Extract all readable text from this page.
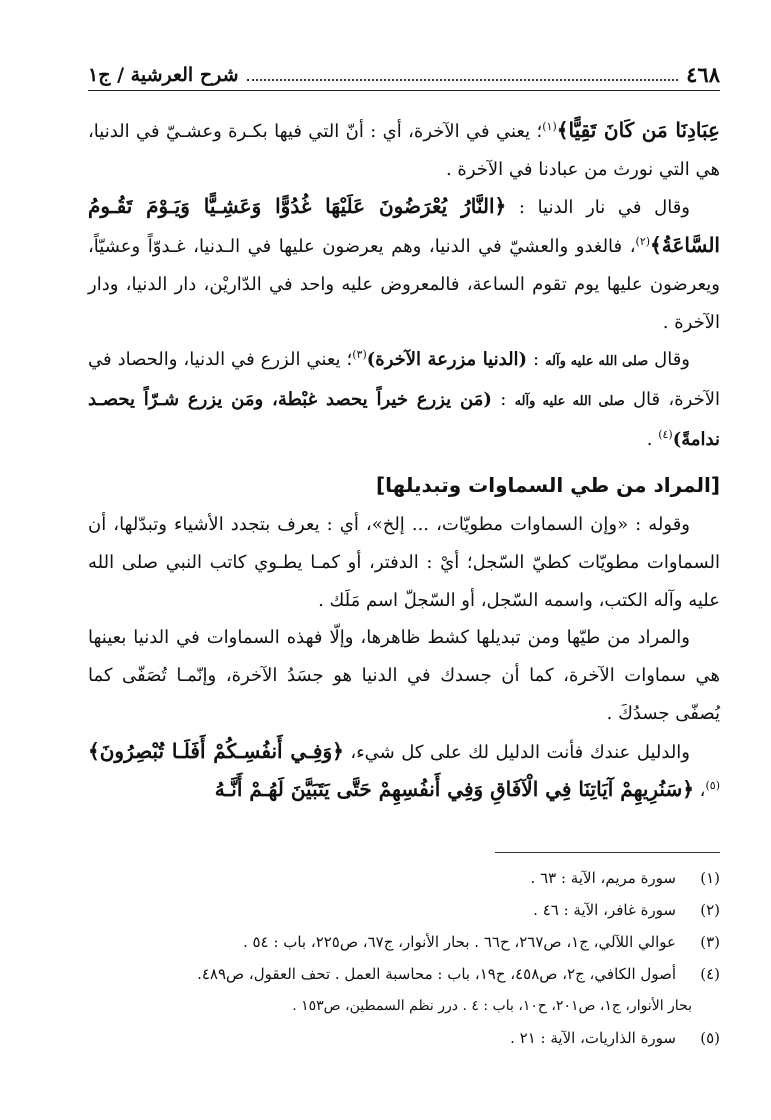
٤٦٨
شرح العرشية / ج١

عِبَادِنَا مَن كَانَ تَقِيًّا﴾$^{(١)}$؛ يعني في الآخرة، أي : أنّ التي فيها بكـرة وعشـيّ في الدنيا، هي التي نورث من عبادنا في الآخرة .

وقال في نار الدنيا : ﴿النَّارُ يُعْرَضُونَ عَلَيْهَا غُدُوًّا وَعَشِـيًّا وَيَـوْمَ تَقُـومُ السَّاعَةُ﴾$^{(٢)}$، فالغدو والعشيّ في الدنيا، وهم يعرضون عليها في الـدنيا، غـدوّاً وعشيّاً، ويعرضون عليها يوم تقوم الساعة، فالمعروض عليه واحد في الدّاريْن، دار الدنيا، ودار الآخرة .

وقال صلى الله عليه وآله : (الدنيا مزرعة الآخرة)$^{(٣)}$؛ يعني الزرع في الدنيا، والحصاد في الآخرة، قال صلى الله عليه وآله : (مَن يزرع خيراً يحصد غبْطة، ومَن يزرع شـرّاً يحصـد ندامةً)$^{(٤)}$ .

[المراد من طي السماوات وتبديلها]

وقوله : «وإن السماوات مطويّات، ... إلخ»، أي : يعرف بتجدد الأشياء وتبدّلها، أن السماوات مطويّات كطيّ السّجل؛ أيْ : الدفتر، أو كمـا يطـوي كاتب النبي صلى الله عليه وآله الكتب، واسمه السّجل، أو السّجلّ اسم مَلَك .

والمراد من طيّها ومن تبديلها كشط ظاهرها، وإلّا فهذه السماوات في الدنيا بعينها هي سماوات الآخرة، كما أن جسدك في الدنيا هو جسَدُ الآخرة، وإنّمـا تُصَفّى كما يُصفّى جسدُكَ .

والدليل عندك فأنت الدليل لك على كل شيء، ﴿وَفِـي أَنفُسِـكُمْ أَفَلَـا تُبْصِرُونَ﴾$^{(٥)}$، ﴿سَنُرِيهِمْ آيَاتِنَا فِي الْآفَاقِ وَفِي أَنفُسِهِمْ حَتَّى يَتَبَيَّنَ لَهُـمْ أَنَّـهُ

(١)
سورة مريم، الآية : ٦٣ .
(٢)
سورة غافر، الآية : ٤٦ .
(٣)
عوالي اللآلي، ج١، ص٢٦٧، ح٦٦ . بحار الأنوار، ج٦٧، ص٢٢٥، باب : ٥٤ .
(٤)
أصول الكافي، ج٢، ص٤٥٨، ح١٩، باب : محاسبة العمل . تحف العقول، ص٤٨٩.
بحار الأنوار، ج١، ص٢٠١، ح١٠، باب : ٤ . درر نظم السمطين، ص١٥٣ .
(٥)
سورة الذاريات، الآية : ٢١ .
